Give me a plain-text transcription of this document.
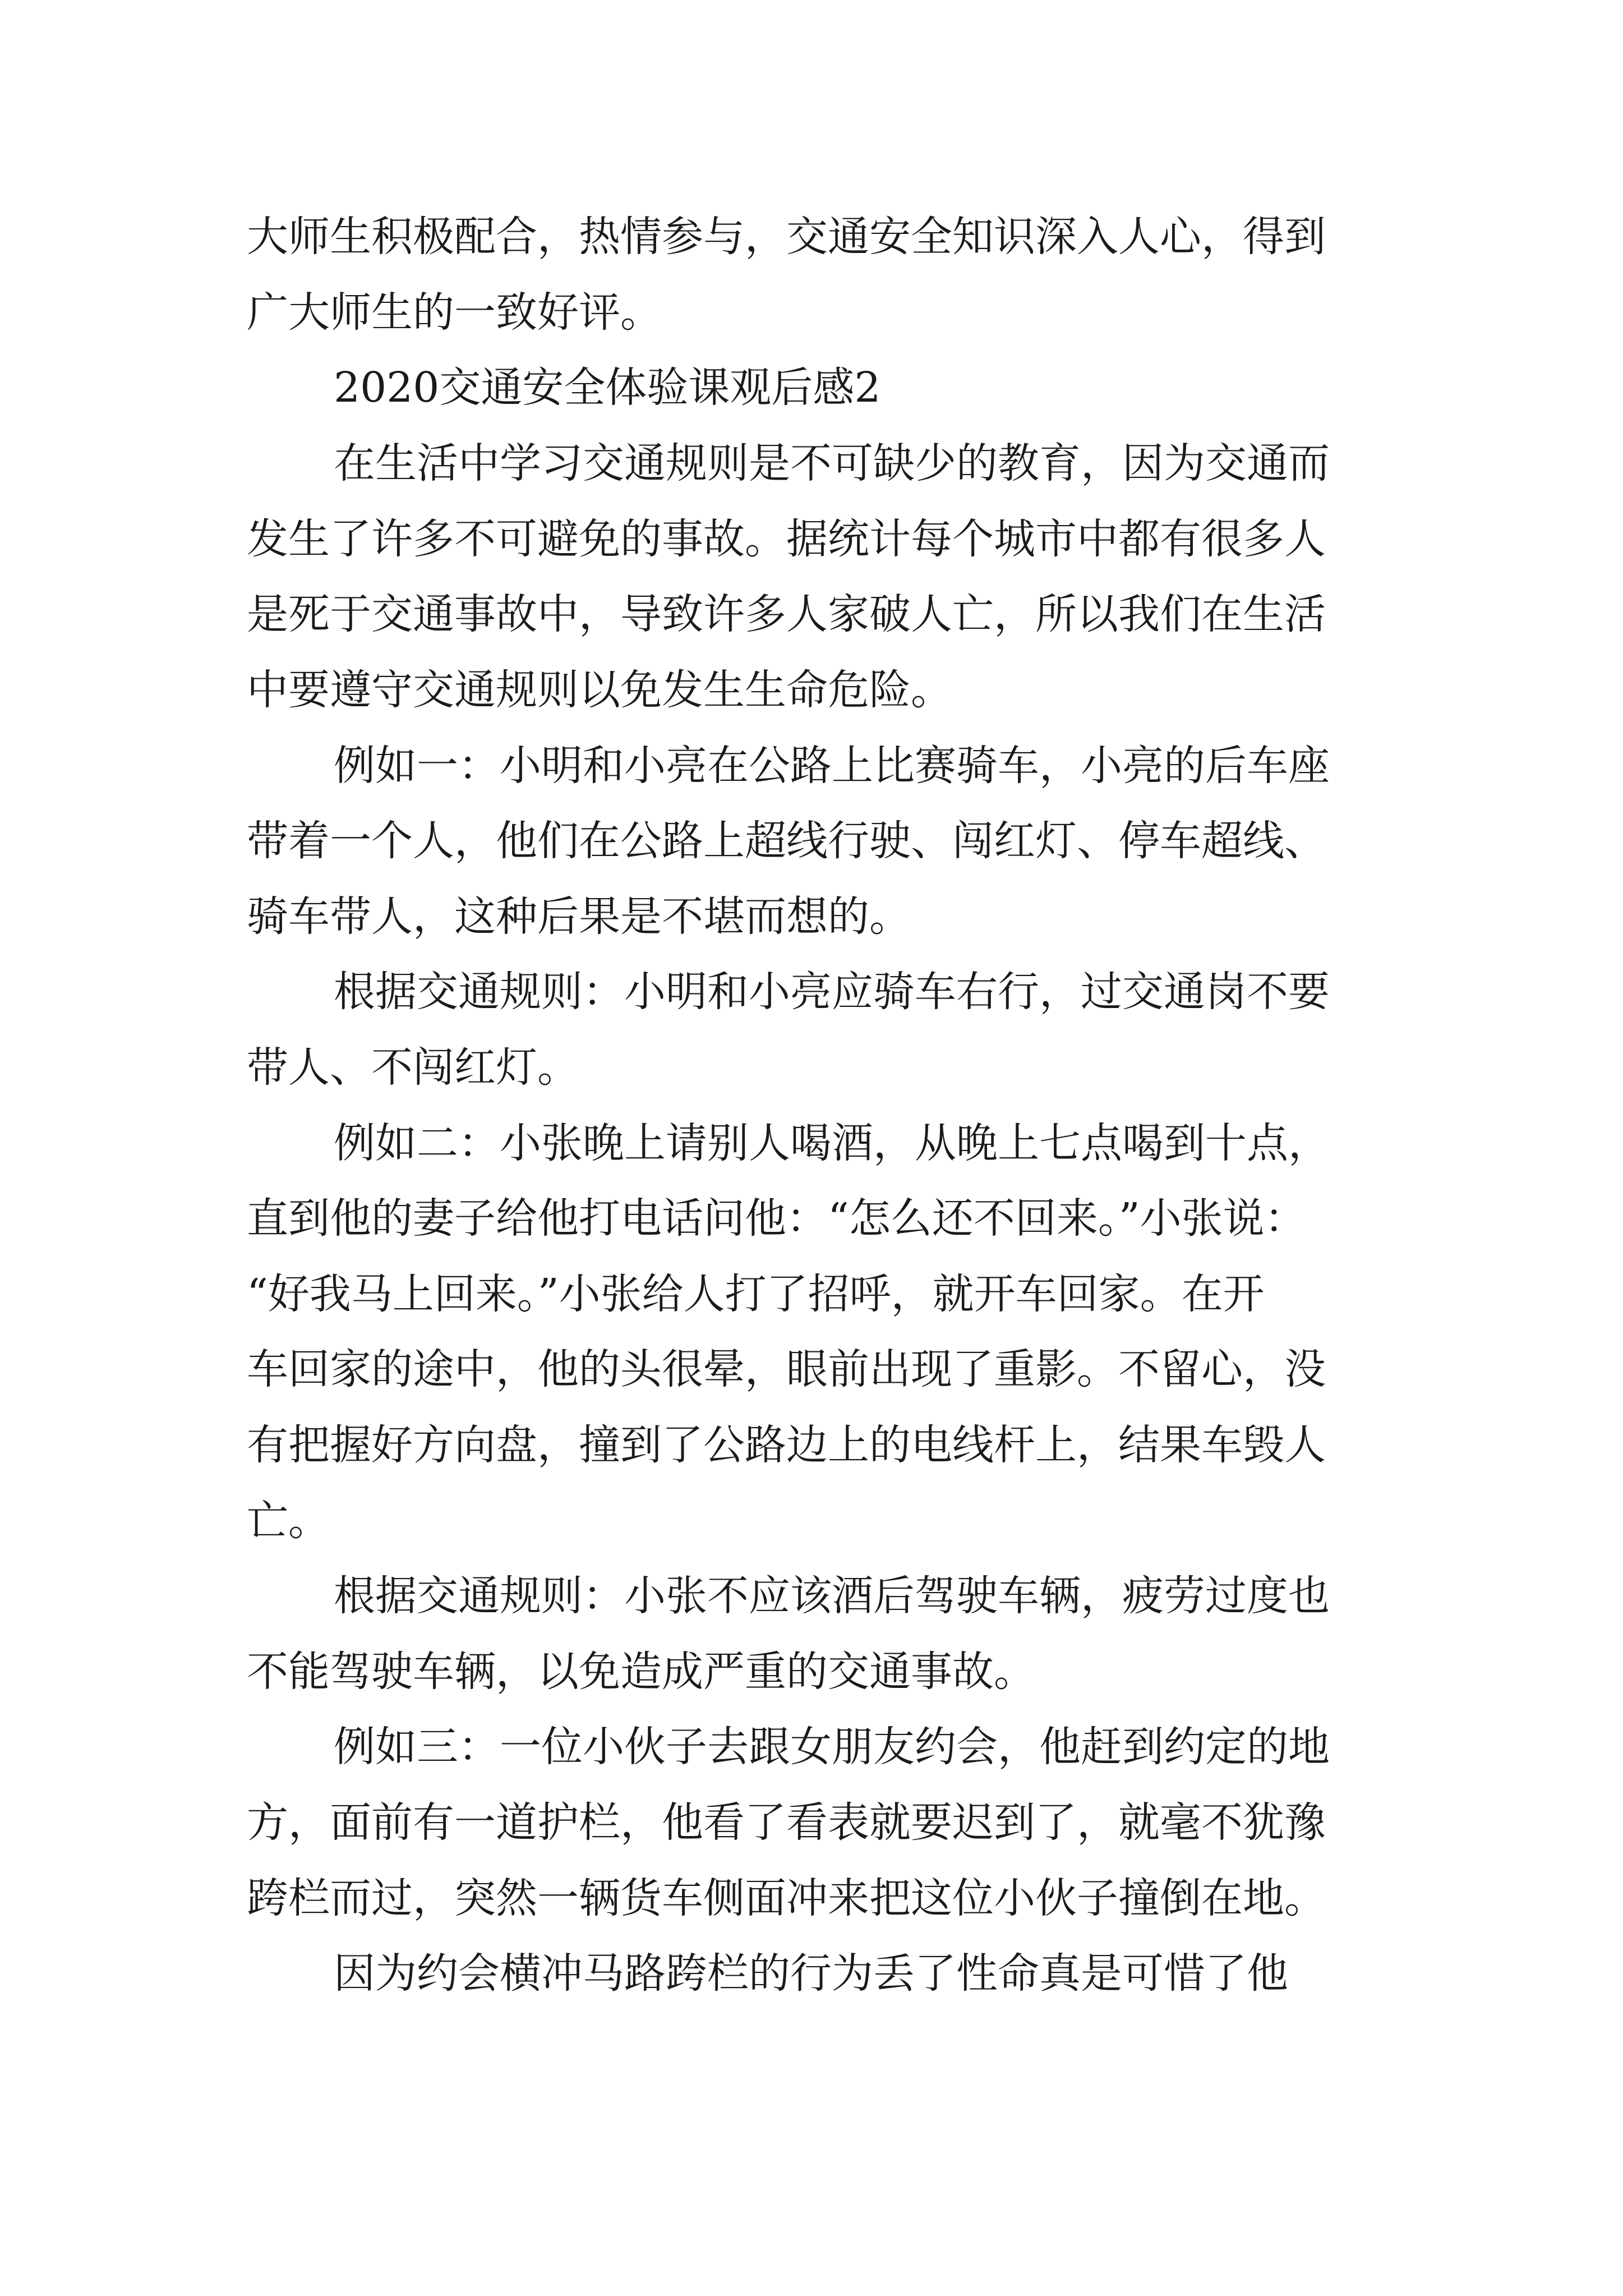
大师生积极配合，热情参与，交通安全知识深入人心，得到

广大师生的一致好评。

2020交通安全体验课观后感2

在生活中学习交通规则是不可缺少的教育，因为交通而

发生了许多不可避免的事故。据统计每个城市中都有很多人

是死于交通事故中，导致许多人家破人亡，所以我们在生活

中要遵守交通规则以免发生生命危险。

例如一：小明和小亮在公路上比赛骑车，小亮的后车座

带着一个人，他们在公路上超线行驶、闯红灯、停车超线、

骑车带人，这种后果是不堪而想的。

根据交通规则：小明和小亮应骑车右行，过交通岗不要

带人、不闯红灯。

例如二：小张晚上请别人喝酒，从晚上七点喝到十点，

直到他的妻子给他打电话问他：“怎么还不回来。”小张说：

“好我马上回来。”小张给人打了招呼，就开车回家。在开

车回家的途中，他的头很晕，眼前出现了重影。不留心，没

有把握好方向盘，撞到了公路边上的电线杆上，结果车毁人

亡。

根据交通规则：小张不应该酒后驾驶车辆，疲劳过度也

不能驾驶车辆，以免造成严重的交通事故。

例如三：一位小伙子去跟女朋友约会，他赶到约定的地

方，面前有一道护栏，他看了看表就要迟到了，就毫不犹豫

跨栏而过，突然一辆货车侧面冲来把这位小伙子撞倒在地。

因为约会横冲马路跨栏的行为丢了性命真是可惜了他
